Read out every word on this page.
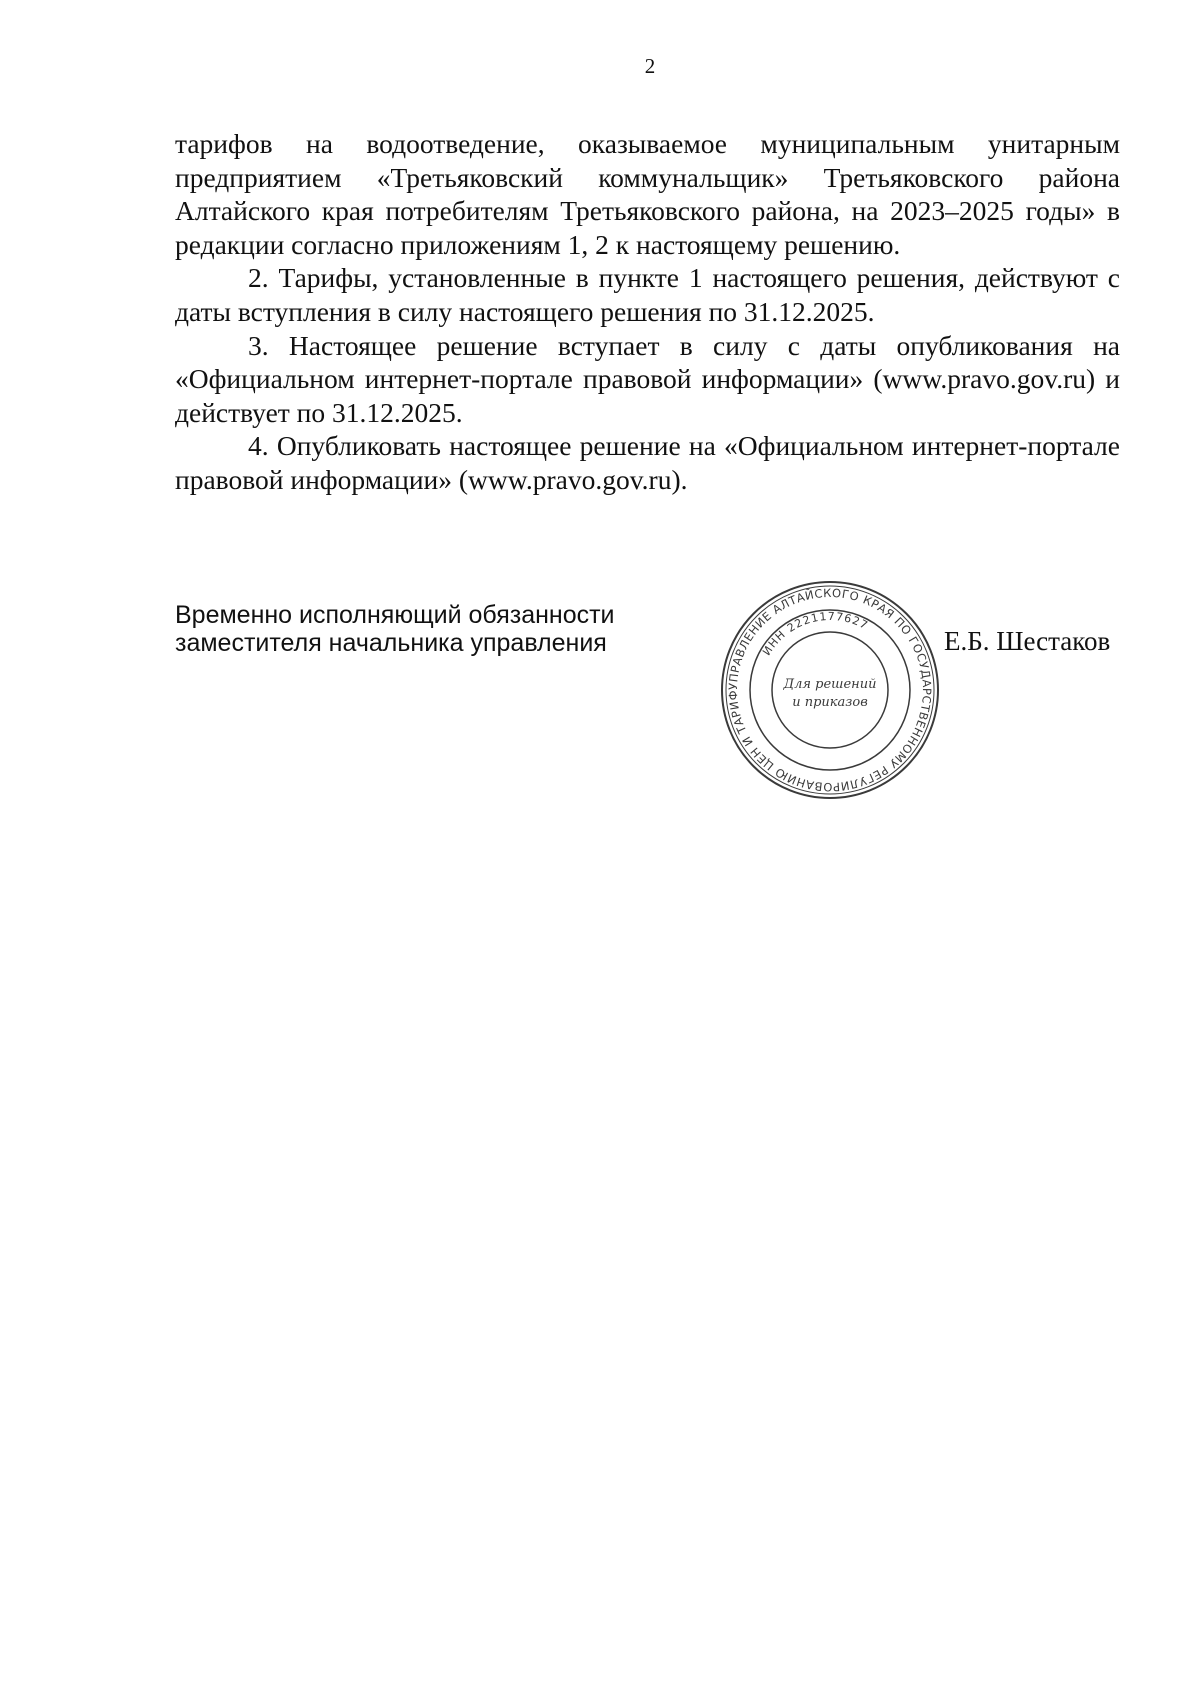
2

тарифов на водоотведение, оказываемое муниципальным унитарным предприятием «Третьяковский коммунальщик» Третьяковского района Алтайского края потребителям Третьяковского района, на 2023–2025 годы» в редакции согласно приложениям 1, 2 к настоящему решению.

2. Тарифы, установленные в пункте 1 настоящего решения, действуют с даты вступления в силу настоящего решения по 31.12.2025.

3. Настоящее решение вступает в силу с даты опубликования на «Официальном интернет-портале правовой информации» (www.pravo.gov.ru) и действует по 31.12.2025.

4. Опубликовать настоящее решение на «Официальном интернет-портале правовой информации» (www.pravo.gov.ru).

Временно исполняющий обязанности
заместителя начальника управления	Е.Б. Шестаков
УПРАВЛЕНИЕ АЛТАЙСКОГО КРАЯ ПО ГОСУДАРСТВЕННОМУ РЕГУЛИРОВАНИЮ ЦЕН И ТАРИФ
ИНН 2221177627
Для решений
и приказов
